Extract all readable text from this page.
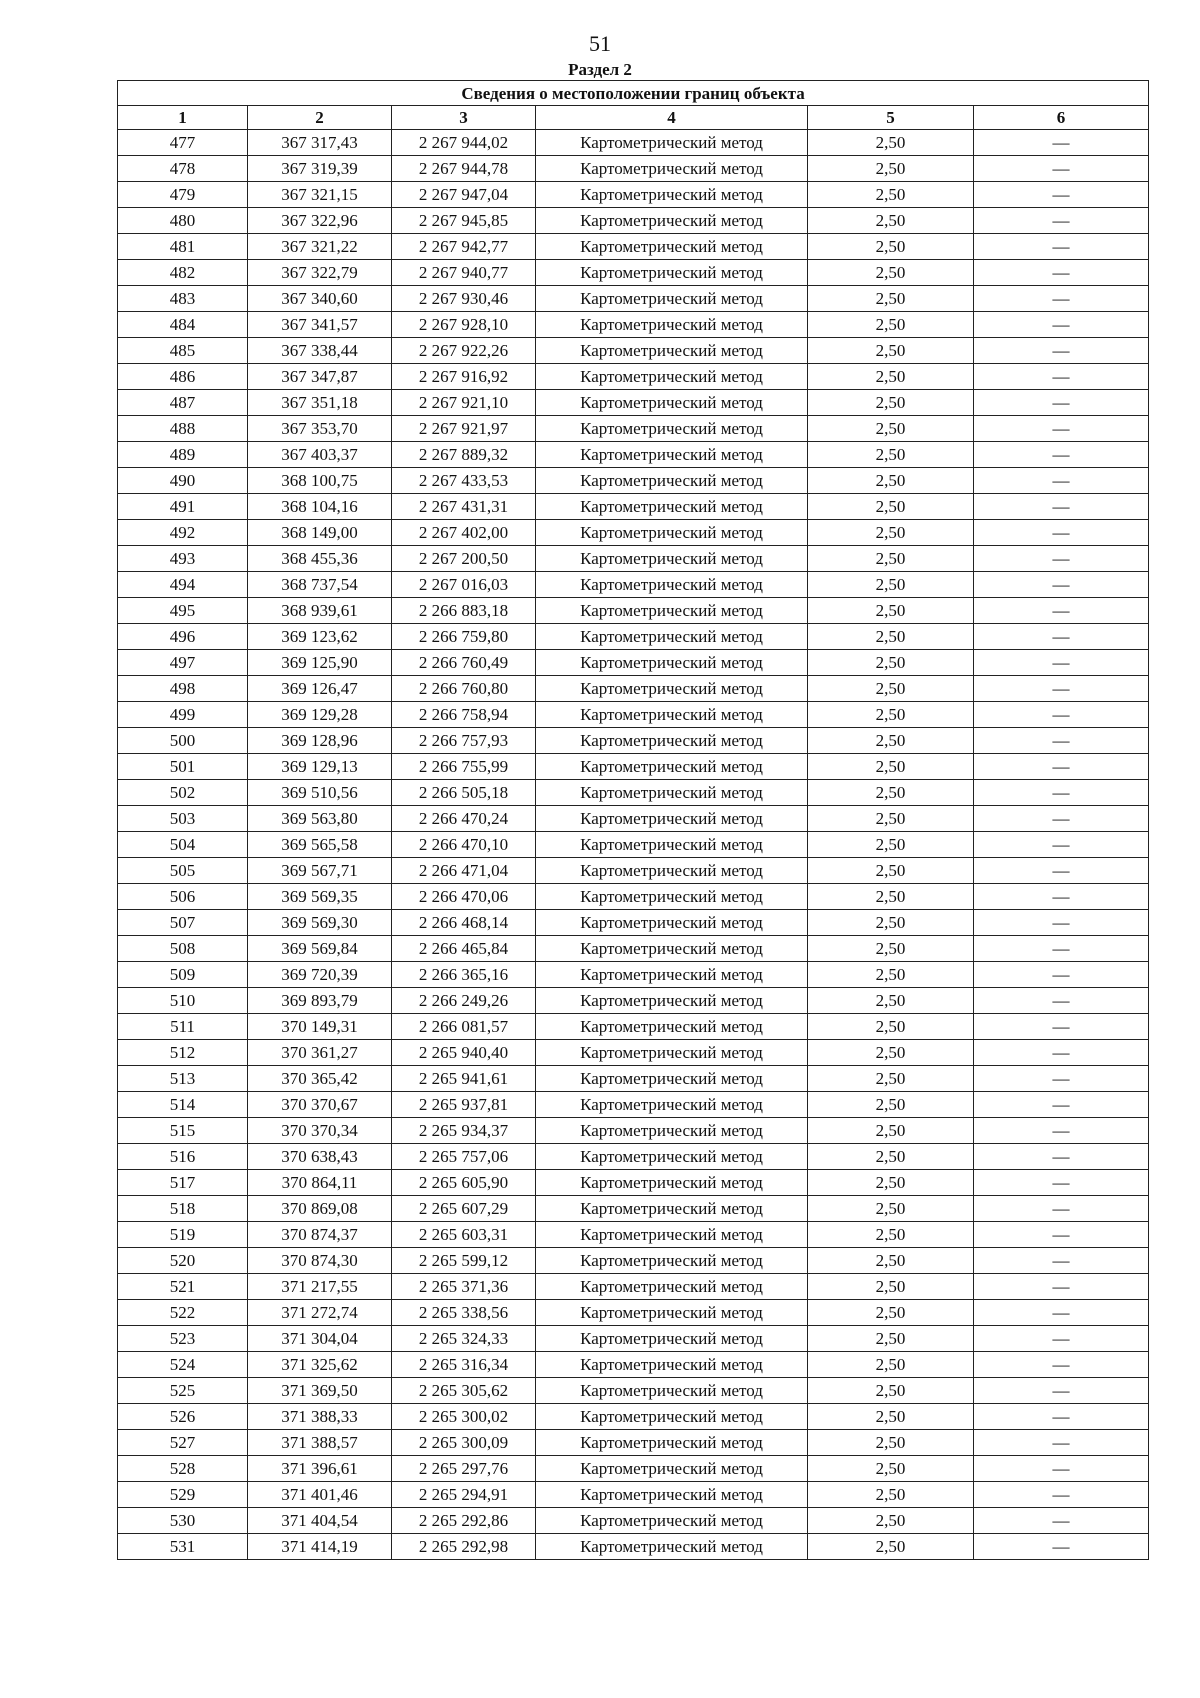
51
Раздел 2
Сведения о местоположении границ объекта					
1	2	3	4	5	6
477	367 317,43	2 267 944,02	Картометрический метод	2,50	—
478	367 319,39	2 267 944,78	Картометрический метод	2,50	—
479	367 321,15	2 267 947,04	Картометрический метод	2,50	—
480	367 322,96	2 267 945,85	Картометрический метод	2,50	—
481	367 321,22	2 267 942,77	Картометрический метод	2,50	—
482	367 322,79	2 267 940,77	Картометрический метод	2,50	—
483	367 340,60	2 267 930,46	Картометрический метод	2,50	—
484	367 341,57	2 267 928,10	Картометрический метод	2,50	—
485	367 338,44	2 267 922,26	Картометрический метод	2,50	—
486	367 347,87	2 267 916,92	Картометрический метод	2,50	—
487	367 351,18	2 267 921,10	Картометрический метод	2,50	—
488	367 353,70	2 267 921,97	Картометрический метод	2,50	—
489	367 403,37	2 267 889,32	Картометрический метод	2,50	—
490	368 100,75	2 267 433,53	Картометрический метод	2,50	—
491	368 104,16	2 267 431,31	Картометрический метод	2,50	—
492	368 149,00	2 267 402,00	Картометрический метод	2,50	—
493	368 455,36	2 267 200,50	Картометрический метод	2,50	—
494	368 737,54	2 267 016,03	Картометрический метод	2,50	—
495	368 939,61	2 266 883,18	Картометрический метод	2,50	—
496	369 123,62	2 266 759,80	Картометрический метод	2,50	—
497	369 125,90	2 266 760,49	Картометрический метод	2,50	—
498	369 126,47	2 266 760,80	Картометрический метод	2,50	—
499	369 129,28	2 266 758,94	Картометрический метод	2,50	—
500	369 128,96	2 266 757,93	Картометрический метод	2,50	—
501	369 129,13	2 266 755,99	Картометрический метод	2,50	—
502	369 510,56	2 266 505,18	Картометрический метод	2,50	—
503	369 563,80	2 266 470,24	Картометрический метод	2,50	—
504	369 565,58	2 266 470,10	Картометрический метод	2,50	—
505	369 567,71	2 266 471,04	Картометрический метод	2,50	—
506	369 569,35	2 266 470,06	Картометрический метод	2,50	—
507	369 569,30	2 266 468,14	Картометрический метод	2,50	—
508	369 569,84	2 266 465,84	Картометрический метод	2,50	—
509	369 720,39	2 266 365,16	Картометрический метод	2,50	—
510	369 893,79	2 266 249,26	Картометрический метод	2,50	—
511	370 149,31	2 266 081,57	Картометрический метод	2,50	—
512	370 361,27	2 265 940,40	Картометрический метод	2,50	—
513	370 365,42	2 265 941,61	Картометрический метод	2,50	—
514	370 370,67	2 265 937,81	Картометрический метод	2,50	—
515	370 370,34	2 265 934,37	Картометрический метод	2,50	—
516	370 638,43	2 265 757,06	Картометрический метод	2,50	—
517	370 864,11	2 265 605,90	Картометрический метод	2,50	—
518	370 869,08	2 265 607,29	Картометрический метод	2,50	—
519	370 874,37	2 265 603,31	Картометрический метод	2,50	—
520	370 874,30	2 265 599,12	Картометрический метод	2,50	—
521	371 217,55	2 265 371,36	Картометрический метод	2,50	—
522	371 272,74	2 265 338,56	Картометрический метод	2,50	—
523	371 304,04	2 265 324,33	Картометрический метод	2,50	—
524	371 325,62	2 265 316,34	Картометрический метод	2,50	—
525	371 369,50	2 265 305,62	Картометрический метод	2,50	—
526	371 388,33	2 265 300,02	Картометрический метод	2,50	—
527	371 388,57	2 265 300,09	Картометрический метод	2,50	—
528	371 396,61	2 265 297,76	Картометрический метод	2,50	—
529	371 401,46	2 265 294,91	Картометрический метод	2,50	—
530	371 404,54	2 265 292,86	Картометрический метод	2,50	—
531	371 414,19	2 265 292,98	Картометрический метод	2,50	—
